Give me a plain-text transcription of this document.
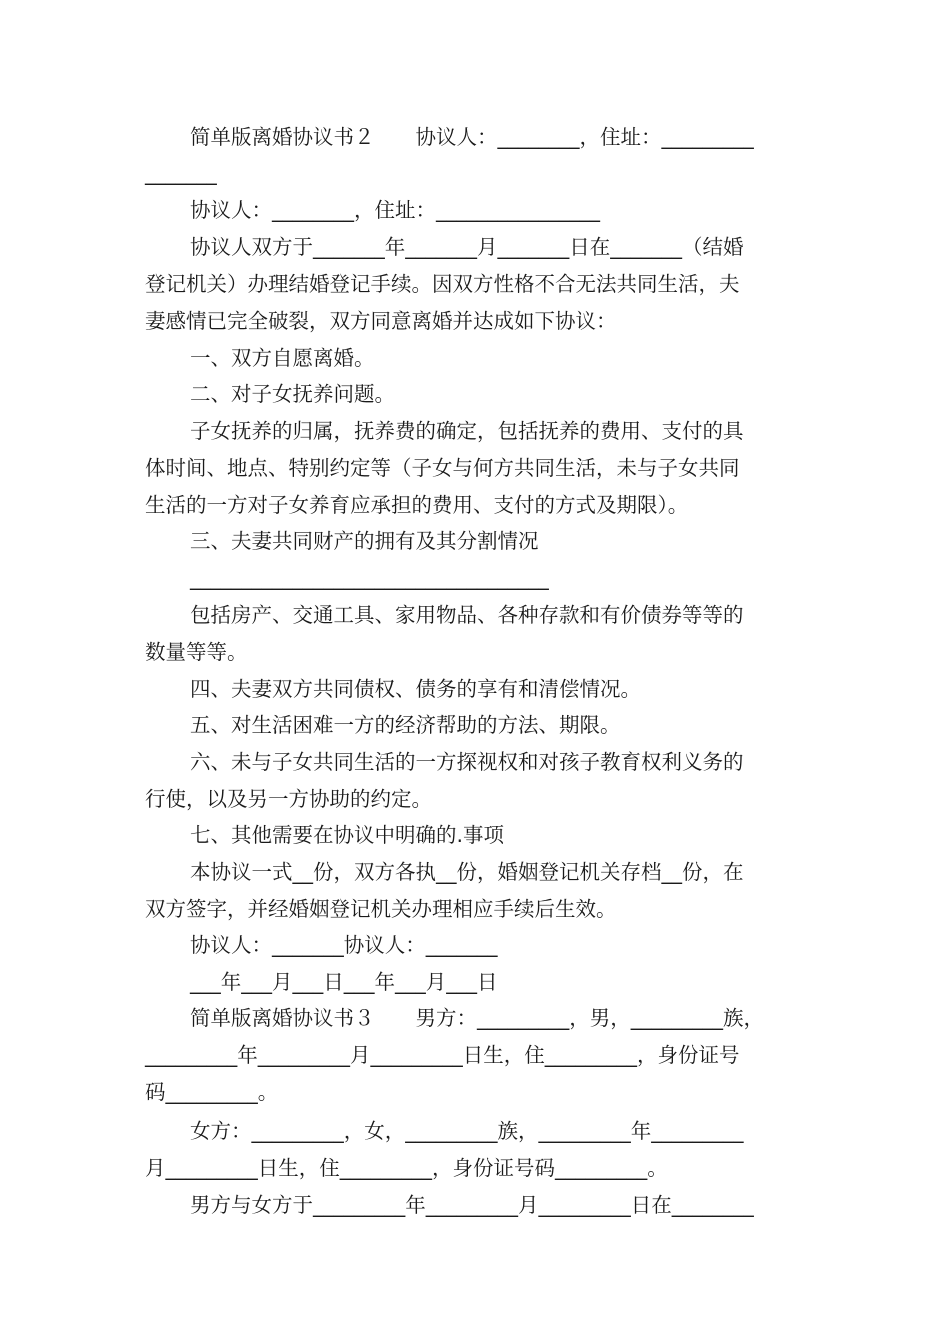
简单版离婚协议书２　　协议人：________，住址：_________
_______
协议人：________，住址：________________
协议人双方于_______年_______月_______日在_______（结婚
登记机关）办理结婚登记手续。因双方性格不合无法共同生活，夫
妻感情已完全破裂，双方同意离婚并达成如下协议：
一、双方自愿离婚。
二、对子女抚养问题。
子女抚养的归属，抚养费的确定，包括抚养的费用、支付的具
体时间、地点、特别约定等（子女与何方共同生活，未与子女共同
生活的一方对子女养育应承担的费用、支付的方式及期限）。
三、夫妻共同财产的拥有及其分割情况
___________________________________
包括房产、交通工具、家用物品、各种存款和有价债券等等的
数量等等。
四、夫妻双方共同债权、债务的享有和清偿情况。
五、对生活困难一方的经济帮助的方法、期限。
六、未与子女共同生活的一方探视权和对孩子教育权利义务的
行使，以及另一方协助的约定。
七、其他需要在协议中明确的.事项
本协议一式__份，双方各执__份，婚姻登记机关存档__份，在
双方签字，并经婚姻登记机关办理相应手续后生效。
协议人：_______协议人：_______
___年___月___日___年___月___日
简单版离婚协议书３　　男方：_________，男，_________族，
_________年_________月_________日生，住_________，身份证号
码_________。
女方：_________，女，_________族，_________年_________
月_________日生，住_________，身份证号码_________。
男方与女方于_________年_________月_________日在________
